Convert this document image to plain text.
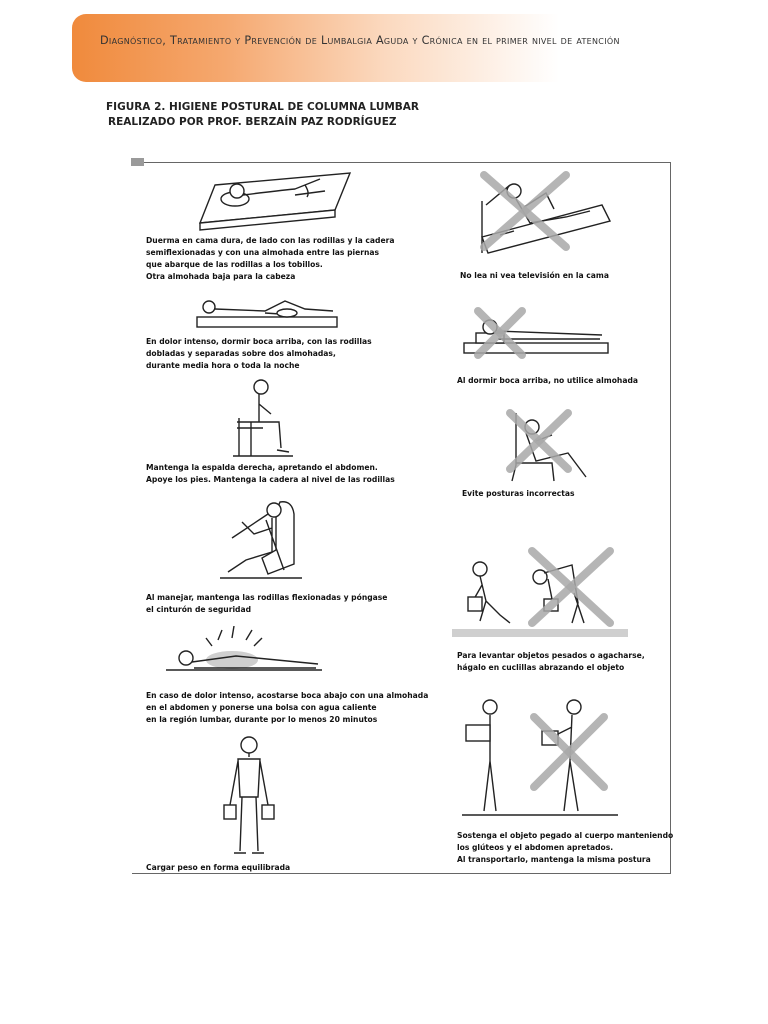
Diagnóstico, Tratamiento y Prevención de Lumbalgia Aguda y Crónica en el primer nivel de atención
FIGURA 2. HIGIENE POSTURAL DE COLUMNA LUMBAR
REALIZADO POR PROF. BERZAÍN PAZ RODRÍGUEZ
Duerma en cama dura, de lado con las rodillas y la cadera
semiflexionadas y con una almohada entre las piernas
que abarque de las rodillas a los tobillos.
Otra almohada baja para la cabeza
En dolor intenso, dormir boca arriba, con las rodillas
dobladas y separadas sobre dos almohadas,
durante media hora o toda la noche
Mantenga la espalda derecha, apretando el abdomen.
Apoye los pies. Mantenga la cadera al nivel de las rodillas
Al manejar, mantenga las rodillas flexionadas y póngase
el cinturón de seguridad
En caso de dolor intenso, acostarse boca abajo con una almohada
en el abdomen y ponerse una bolsa con agua caliente
en la región lumbar, durante por lo menos 20 minutos
Cargar peso en forma equilibrada
No lea ni vea televisión en la cama
Al dormir boca arriba, no utilice almohada
Evite posturas incorrectas
Para levantar objetos pesados o agacharse,
hágalo en cuclillas abrazando el objeto
Sostenga el objeto pegado al cuerpo manteniendo
los glúteos y el abdomen apretados.
Al transportarlo, mantenga la misma postura
